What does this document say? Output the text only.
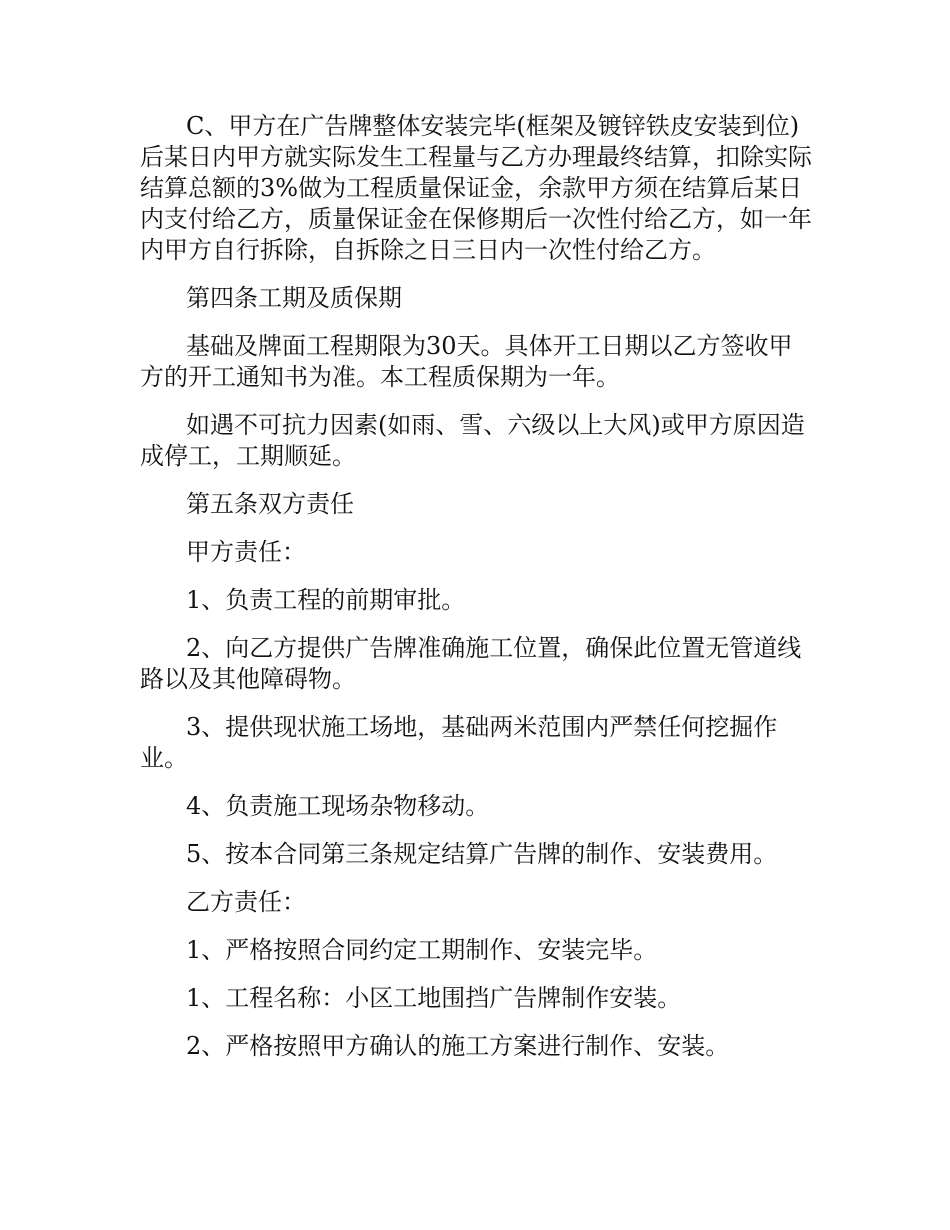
C、甲方在广告牌整体安装完毕(框架及镀锌铁皮安装到位)后某日内甲方就实际发生工程量与乙方办理最终结算，扣除实际结算总额的3%做为工程质量保证金，余款甲方须在结算后某日内支付给乙方，质量保证金在保修期后一次性付给乙方，如一年内甲方自行拆除，自拆除之日三日内一次性付给乙方。

第四条工期及质保期

基础及牌面工程期限为30天。具体开工日期以乙方签收甲方的开工通知书为准。本工程质保期为一年。

如遇不可抗力因素(如雨、雪、六级以上大风)或甲方原因造成停工，工期顺延。

第五条双方责任

甲方责任：

1、负责工程的前期审批。

2、向乙方提供广告牌准确施工位置，确保此位置无管道线路以及其他障碍物。

3、提供现状施工场地，基础两米范围内严禁任何挖掘作业。

4、负责施工现场杂物移动。

5、按本合同第三条规定结算广告牌的制作、安装费用。

乙方责任：

1、严格按照合同约定工期制作、安装完毕。

1、工程名称：小区工地围挡广告牌制作安装。

2、严格按照甲方确认的施工方案进行制作、安装。
